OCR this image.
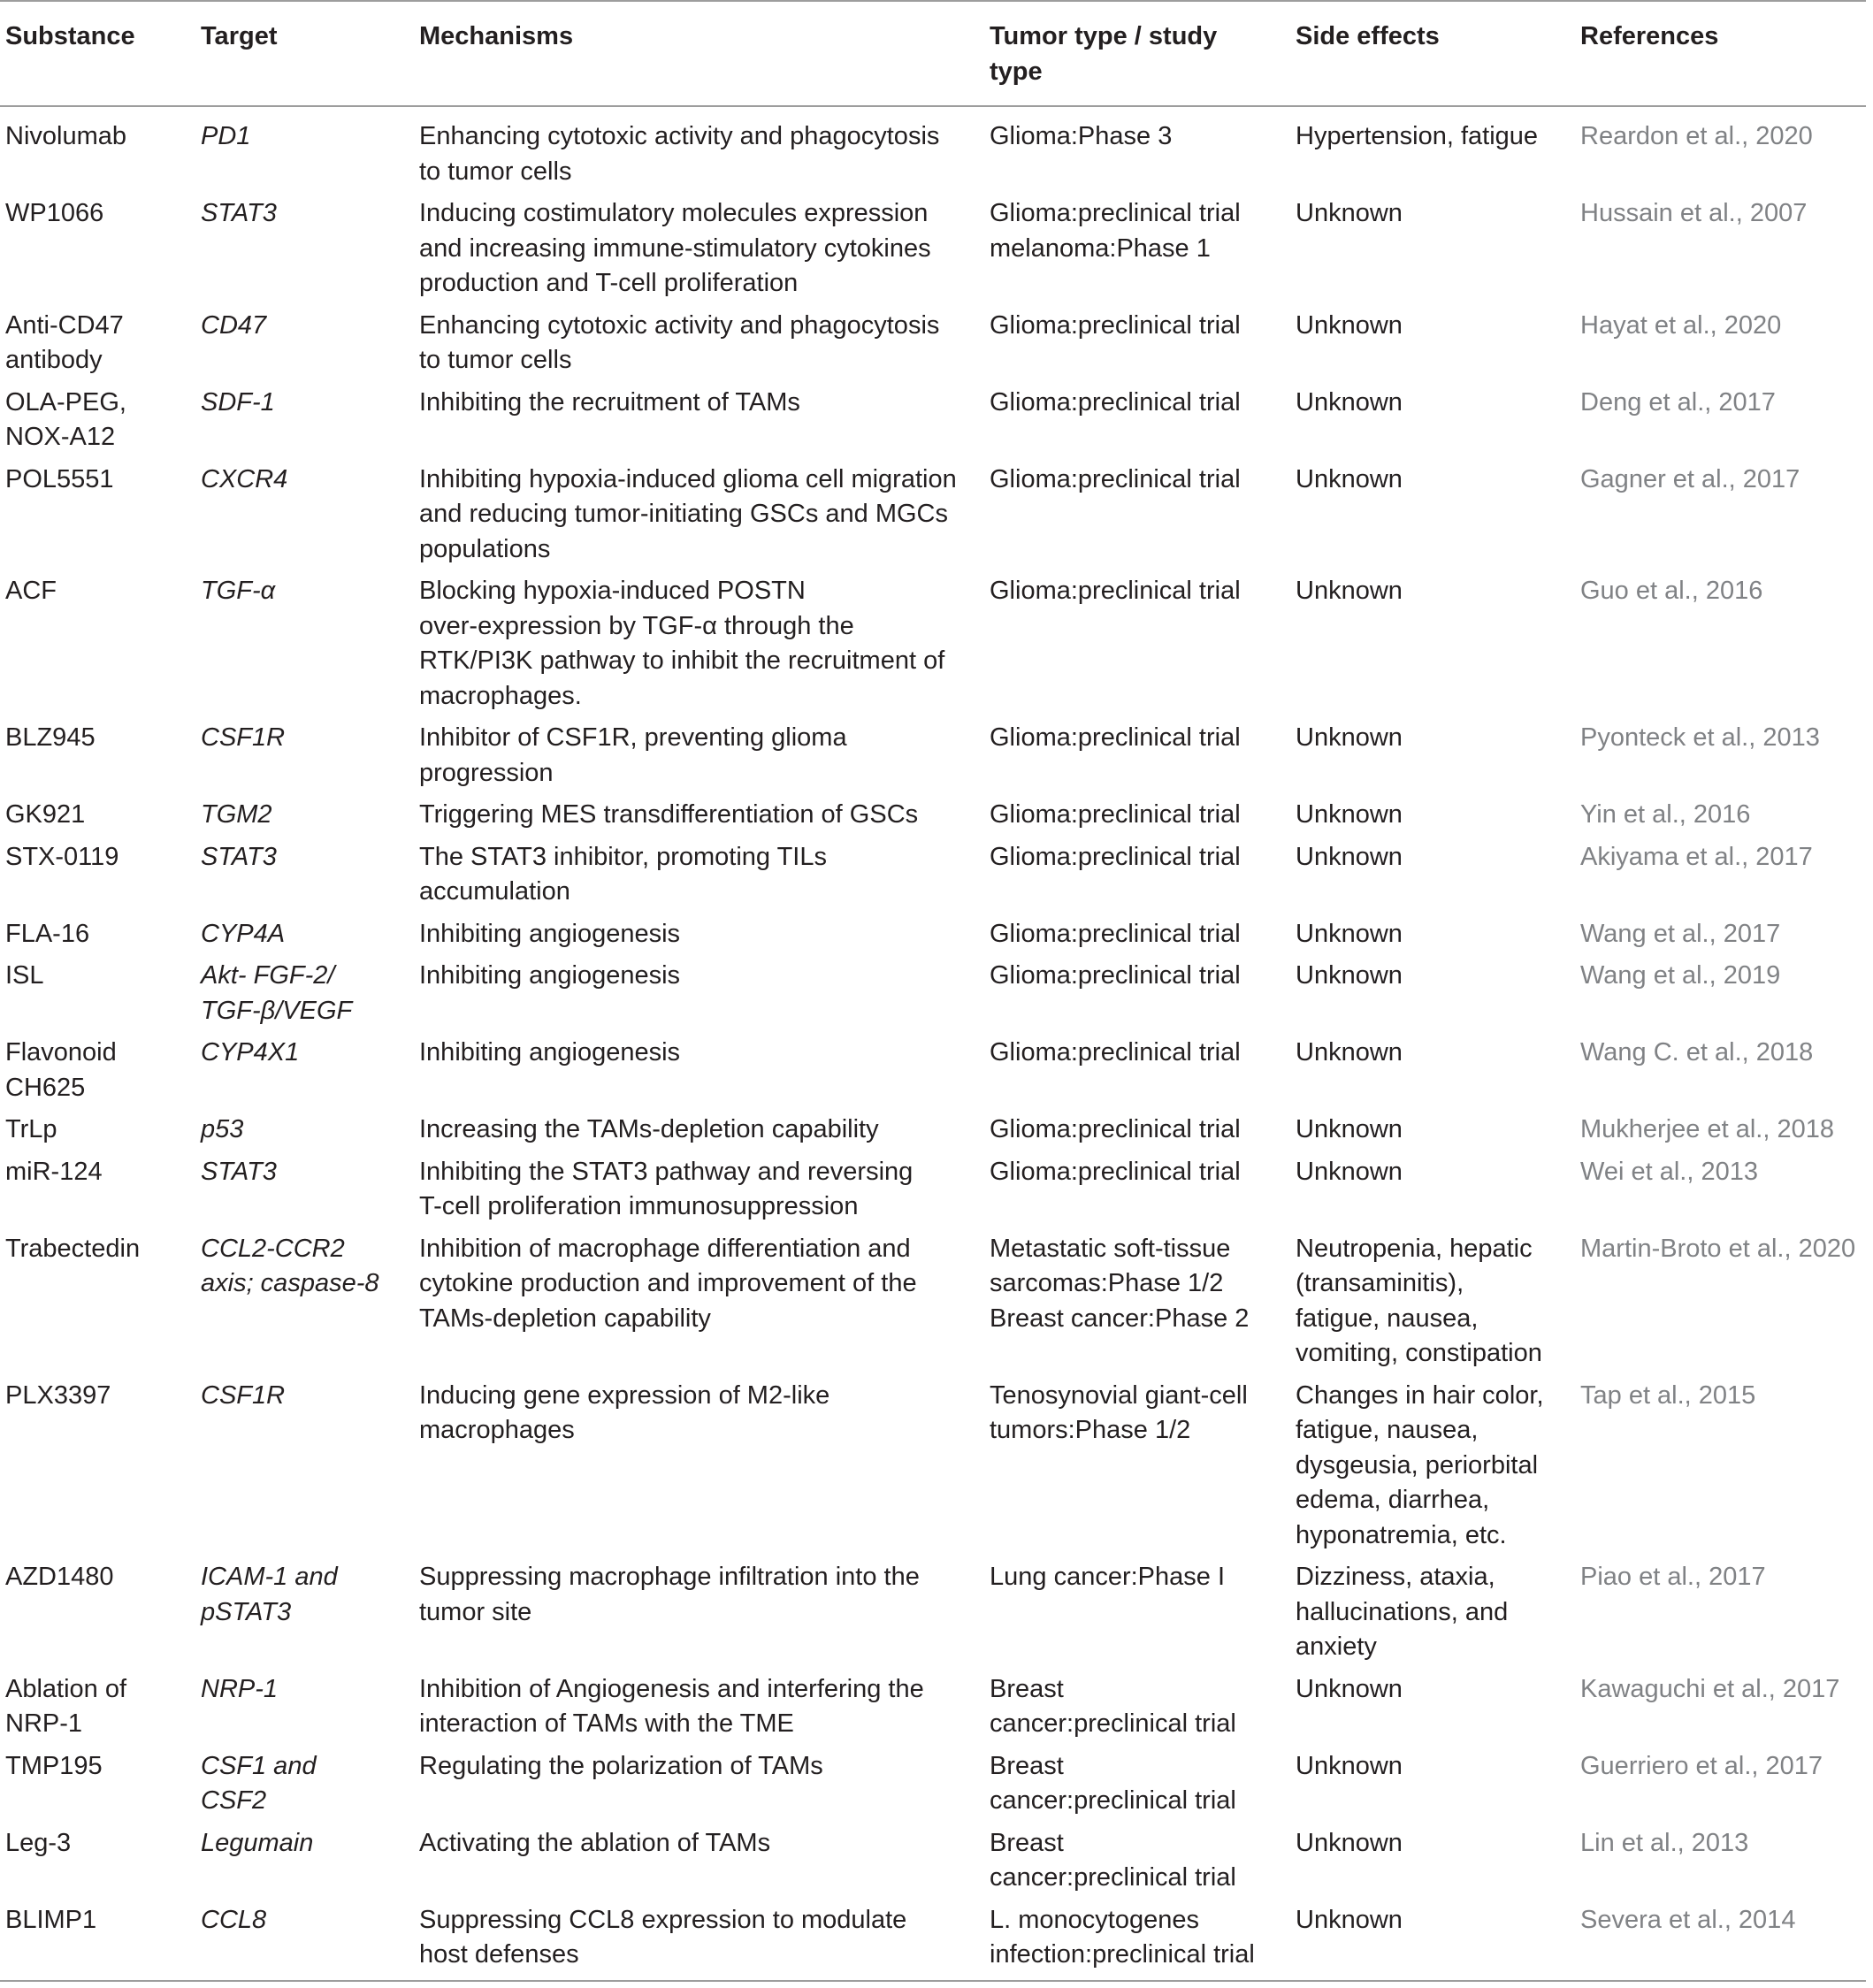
Substance	Target	Mechanisms	Tumor type / study
type	Side effects	References

Nivolumab	PD1	Enhancing cytotoxic activity and phagocytosis
to tumor cells	Glioma:Phase 3	Hypertension, fatigue	Reardon et al., 2020

WP1066	STAT3	Inducing costimulatory molecules expression
and increasing immune-stimulatory cytokines
production and T-cell proliferation	Glioma:preclinical trial
melanoma:Phase 1	Unknown	Hussain et al., 2007

Anti-CD47
antibody	CD47	Enhancing cytotoxic activity and phagocytosis
to tumor cells	Glioma:preclinical trial	Unknown	Hayat et al., 2020

OLA-PEG,
NOX-A12	SDF-1	Inhibiting the recruitment of TAMs	Glioma:preclinical trial	Unknown	Deng et al., 2017

POL5551	CXCR4	Inhibiting hypoxia-induced glioma cell migration
and reducing tumor-initiating GSCs and MGCs
populations	Glioma:preclinical trial	Unknown	Gagner et al., 2017

ACF	TGF-α	Blocking hypoxia-induced POSTN
over-expression by TGF-α through the
RTK/PI3K pathway to inhibit the recruitment of
macrophages.	Glioma:preclinical trial	Unknown	Guo et al., 2016

BLZ945	CSF1R	Inhibitor of CSF1R, preventing glioma
progression	Glioma:preclinical trial	Unknown	Pyonteck et al., 2013

GK921	TGM2	Triggering MES transdifferentiation of GSCs	Glioma:preclinical trial	Unknown	Yin et al., 2016

STX-0119	STAT3	The STAT3 inhibitor, promoting TILs
accumulation	Glioma:preclinical trial	Unknown	Akiyama et al., 2017

FLA-16	CYP4A	Inhibiting angiogenesis	Glioma:preclinical trial	Unknown	Wang et al., 2017

ISL	Akt- FGF-2/
TGF-β/VEGF	Inhibiting angiogenesis	Glioma:preclinical trial	Unknown	Wang et al., 2019

Flavonoid
CH625	CYP4X1	Inhibiting angiogenesis	Glioma:preclinical trial	Unknown	Wang C. et al., 2018

TrLp	p53	Increasing the TAMs-depletion capability	Glioma:preclinical trial	Unknown	Mukherjee et al., 2018

miR-124	STAT3	Inhibiting the STAT3 pathway and reversing
T-cell proliferation immunosuppression	Glioma:preclinical trial	Unknown	Wei et al., 2013

Trabectedin	CCL2-CCR2
axis; caspase-8	Inhibition of macrophage differentiation and
cytokine production and improvement of the
TAMs-depletion capability	Metastatic soft-tissue
sarcomas:Phase 1/2
Breast cancer:Phase 2	Neutropenia, hepatic
(transaminitis),
fatigue, nausea,
vomiting, constipation	Martin-Broto et al., 2020

PLX3397	CSF1R	Inducing gene expression of M2-like
macrophages	Tenosynovial giant-cell
tumors:Phase 1/2	Changes in hair color,
fatigue, nausea,
dysgeusia, periorbital
edema, diarrhea,
hyponatremia, etc.	Tap et al., 2015

AZD1480	ICAM-1 and
pSTAT3	Suppressing macrophage infiltration into the
tumor site	Lung cancer:Phase I	Dizziness, ataxia,
hallucinations, and
anxiety	Piao et al., 2017

Ablation of
NRP-1	NRP-1	Inhibition of Angiogenesis and interfering the
interaction of TAMs with the TME	Breast
cancer:preclinical trial	Unknown	Kawaguchi et al., 2017

TMP195	CSF1 and
CSF2	Regulating the polarization of TAMs	Breast
cancer:preclinical trial	Unknown	Guerriero et al., 2017

Leg-3	Legumain	Activating the ablation of TAMs	Breast
cancer:preclinical trial	Unknown	Lin et al., 2013

BLIMP1	CCL8	Suppressing CCL8 expression to modulate
host defenses	L. monocytogenes
infection:preclinical trial	Unknown	Severa et al., 2014
